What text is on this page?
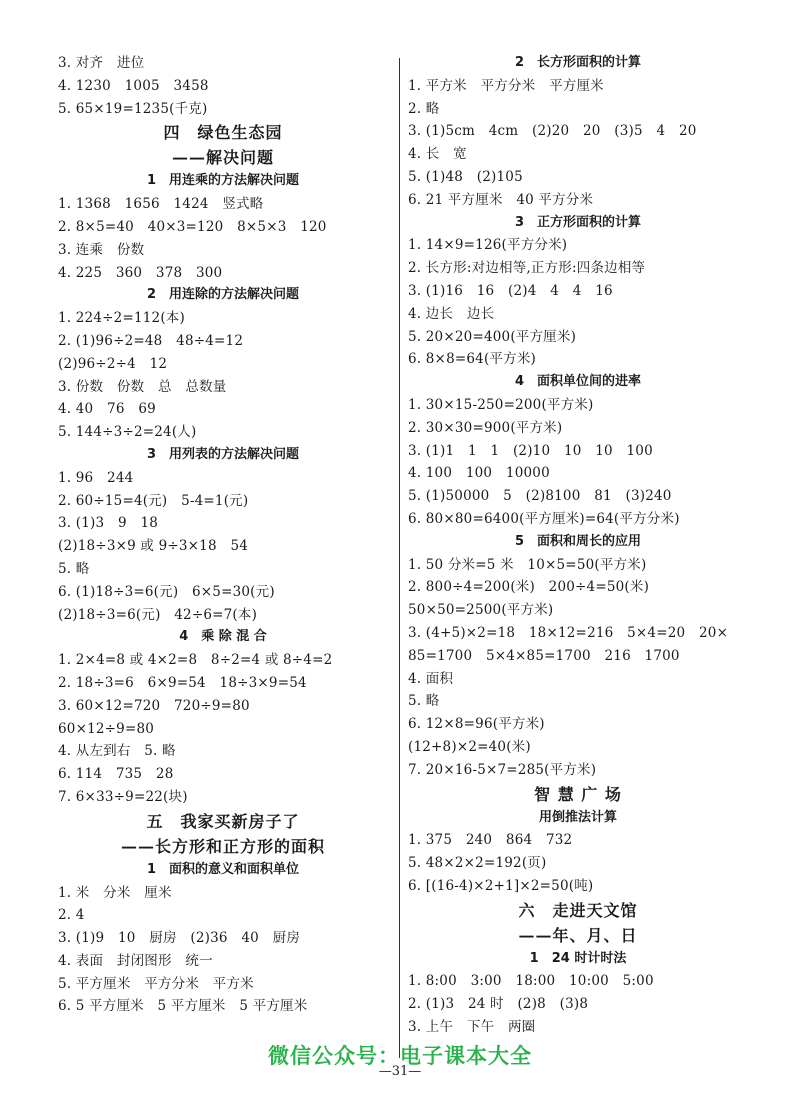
3. 对齐　进位
4. 1230　1005　3458
5. 65×19=1235(千克)
四　绿色生态园
——解决问题
1　用连乘的方法解决问题
1. 1368　1656　1424　竖式略
2. 8×5=40　40×3=120　8×5×3　120
3. 连乘　份数
4. 225　360　378　300
2　用连除的方法解决问题
1. 224÷2=112(本)
2. (1)96÷2=48　48÷4=12
(2)96÷2÷4　12
3. 份数　份数　总　总数量
4. 40　76　69
5. 144÷3÷2=24(人)
3　用列表的方法解决问题
1. 96　244
2. 60÷15=4(元)　5-4=1(元)
3. (1)3　9　18
(2)18÷3×9 或 9÷3×18　54
5. 略
6. (1)18÷3=6(元)　6×5=30(元)
(2)18÷3=6(元)　42÷6=7(本)
4　乘 除 混 合
1. 2×4=8 或 4×2=8　8÷2=4 或 8÷4=2
2. 18÷3=6　6×9=54　18÷3×9=54
3. 60×12=720　720÷9=80
60×12÷9=80
4. 从左到右　5. 略
6. 114　735　28
7. 6×33÷9=22(块)
五　我家买新房子了
——长方形和正方形的面积
1　面积的意义和面积单位
1. 米　分米　厘米
2. 4
3. (1)9　10　厨房　(2)36　40　厨房
4. 表面　封闭图形　统一
5. 平方厘米　平方分米　平方米
6. 5 平方厘米　5 平方厘米　5 平方厘米
2　长方形面积的计算
1. 平方米　平方分米　平方厘米
2. 略
3. (1)5cm　4cm　(2)20　20　(3)5　4　20
4. 长　宽
5. (1)48　(2)105
6. 21 平方厘米　40 平方分米
3　正方形面积的计算
1. 14×9=126(平方分米)
2. 长方形:对边相等,正方形:四条边相等
3. (1)16　16　(2)4　4　4　16
4. 边长　边长
5. 20×20=400(平方厘米)
6. 8×8=64(平方米)
4　面积单位间的进率
1. 30×15-250=200(平方米)
2. 30×30=900(平方米)
3. (1)1　1　1　(2)10　10　10　100
4. 100　100　10000
5. (1)50000　5　(2)8100　81　(3)240
6. 80×80=6400(平方厘米)=64(平方分米)
5　面积和周长的应用
1. 50 分米=5 米　10×5=50(平方米)
2. 800÷4=200(米)　200÷4=50(米)
50×50=2500(平方米)
3. (4+5)×2=18　18×12=216　5×4=20　20×
85=1700　5×4×85=1700　216　1700
4. 面积
5. 略
6. 12×8=96(平方米)
(12+8)×2=40(米)
7. 20×16-5×7=285(平方米)
智 慧 广 场
用倒推法计算
1. 375　240　864　732
5. 48×2×2=192(页)
6. [(16-4)×2+1]×2=50(吨)
六　走进天文馆
——年、月、日
1　24 时计时法
1. 8:00　3:00　18:00　10:00　5:00
2. (1)3　24 时　(2)8　(3)8
3. 上午　下午　两圈
微信公众号：电子课本大全
—31—
